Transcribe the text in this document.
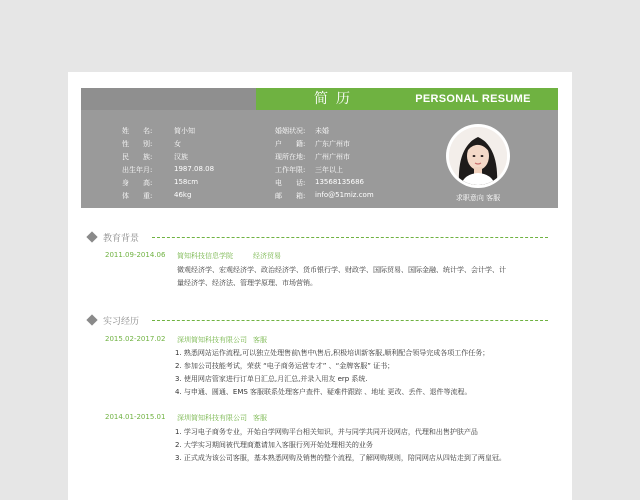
简历	PERSONAL RESUME
姓　　名:	简小知
性　　别:	女
民　　族:	汉族
出生年月:	1987.08.08
身　　高:	158cm
体　　重:	46kg
婚姻状况:	未婚
户　　籍:	广东广州市
现所在地:	广州广州市
工作年限:	三年以上
电　　话:	13568135686
邮　　箱:	info@51miz.com	求职意向 客服
教育背景
2011.09-2014.06	简知科技信息学院	经济贸易
微观经济学、宏观经济学、政治经济学、货币银行学、财政学、国际贸易、国际金融、统计学、会计学、计
量经济学、经济法、管理学原理、市场营销。
实习经历
2015.02-2017.02	深圳简知科技有限公司 客服
1. 熟悉网站运作流程,可以独立处理售前\售中\售后,积极培训新客服,顺利配合领导完成各项工作任务；
2. 参加公司技能考试，荣获 “电子商务运营专才” 、“金牌客服” 证书；
3. 使用网店管家进行订单日汇总,月汇总,并录入用友 erp 系统.
4. 与申通、圆通、EMS 客服联系处理客户查件、疑难件跟踪 、地址 更改、丢件、退件等流程。
2014.01-2015.01	深圳简知科技有限公司 客服
1. 学习电子商务专业，开始自学网购平台相关知识，并与同学共同开设网店，代理和出售护肤产品
2. 大学实习期间被代理商邀请加入客服行列开始处理相关的业务
3. 正式成为该公司客服，基本熟悉网购及销售的整个流程，了解网购规则，陪同网店从四钻走到了两皇冠。
